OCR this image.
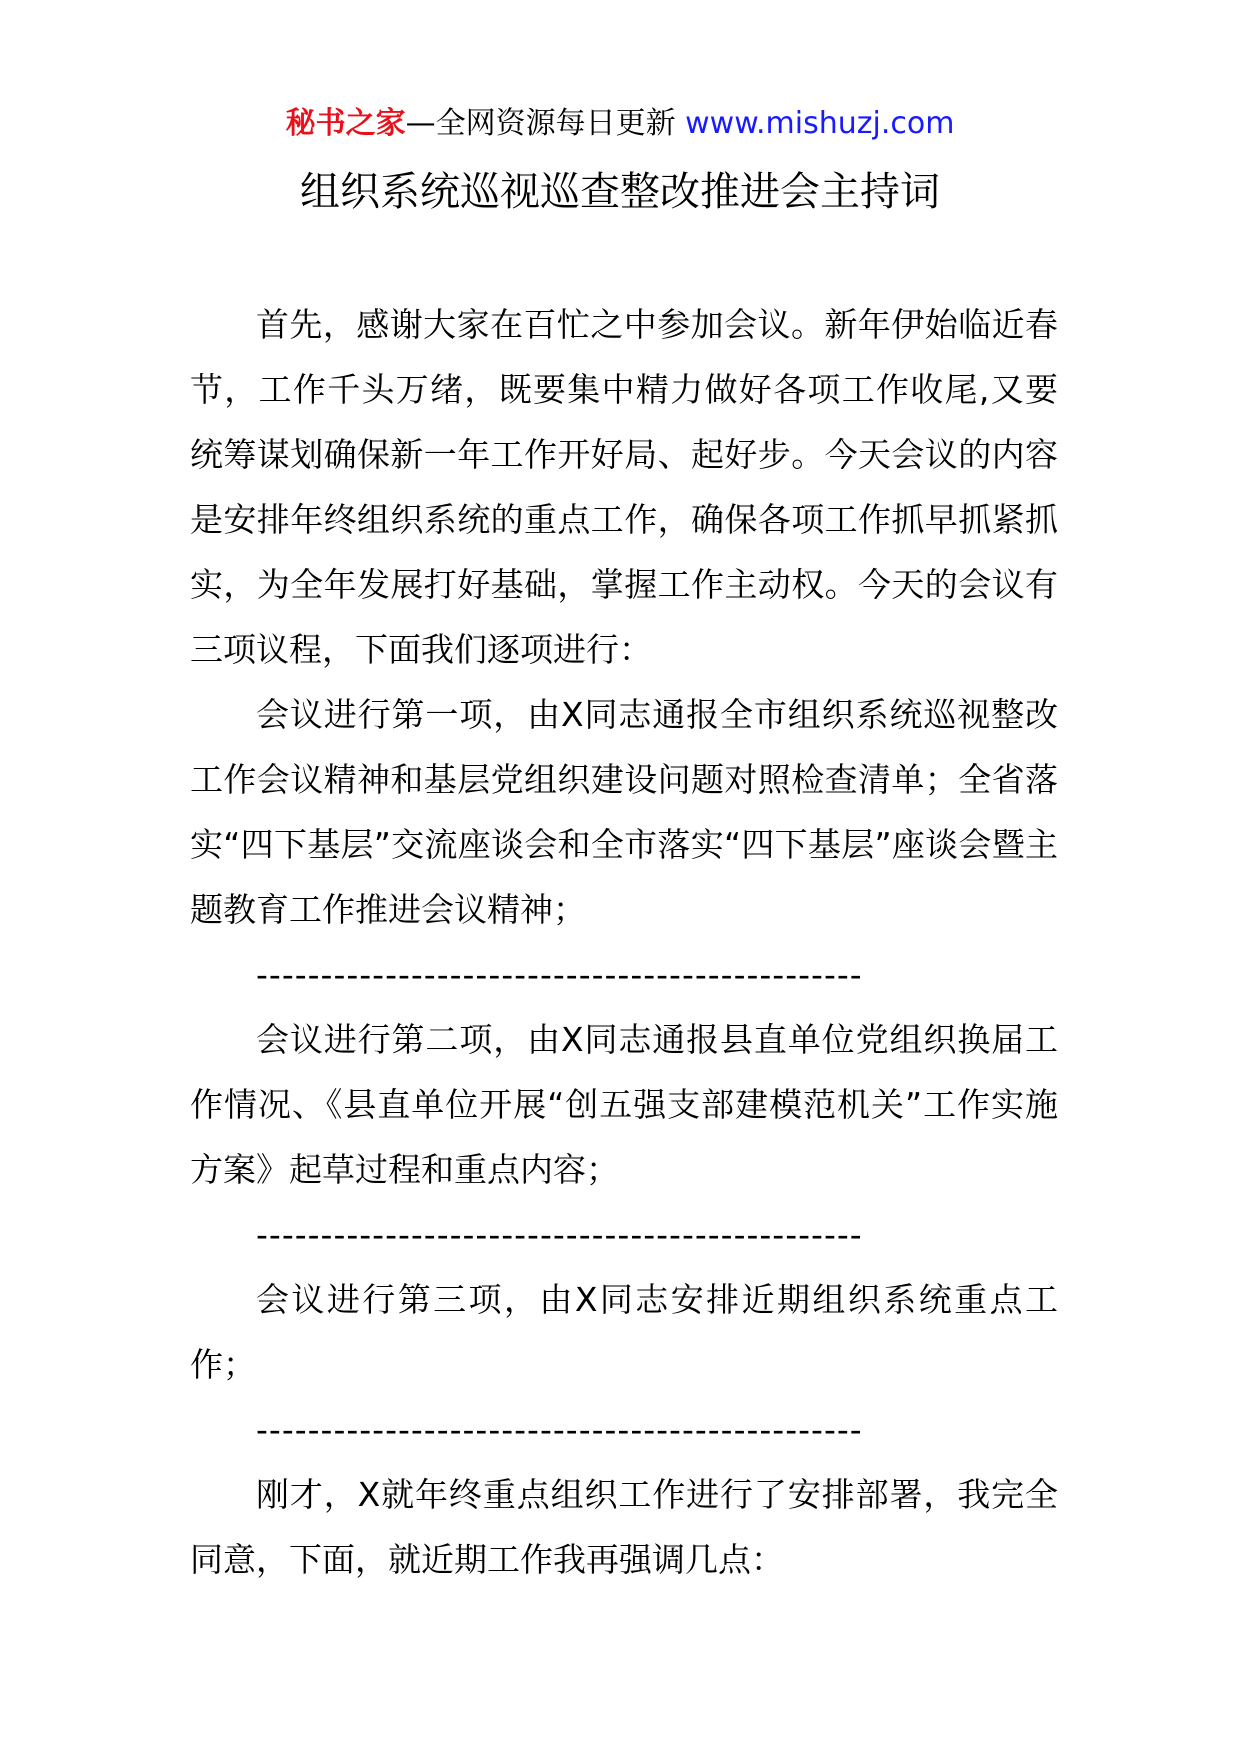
秘书之家—全网资源每日更新 www.mishuzj.com
组织系统巡视巡查整改推进会主持词

首先，感谢大家在百忙之中参加会议。新年伊始临近春节，工作千头万绪，既要集中精力做好各项工作收尾,又要统筹谋划确保新一年工作开好局、起好步。今天会议的内容是安排年终组织系统的重点工作，确保各项工作抓早抓紧抓实，为全年发展打好基础，掌握工作主动权。今天的会议有三项议程，下面我们逐项进行：

会议进行第一项，由X同志通报全市组织系统巡视整改工作会议精神和基层党组织建设问题对照检查清单；全省落实“四下基层”交流座谈会和全市落实“四下基层”座谈会暨主题教育工作推进会议精神；

-----------------------------------------------

会议进行第二项，由X同志通报县直单位党组织换届工作情况、《县直单位开展“创五强支部建模范机关”工作实施方案》起草过程和重点内容；

-----------------------------------------------

会议进行第三项，由X同志安排近期组织系统重点工作；

-----------------------------------------------

刚才，X就年终重点组织工作进行了安排部署，我完全同意，下面，就近期工作我再强调几点：
